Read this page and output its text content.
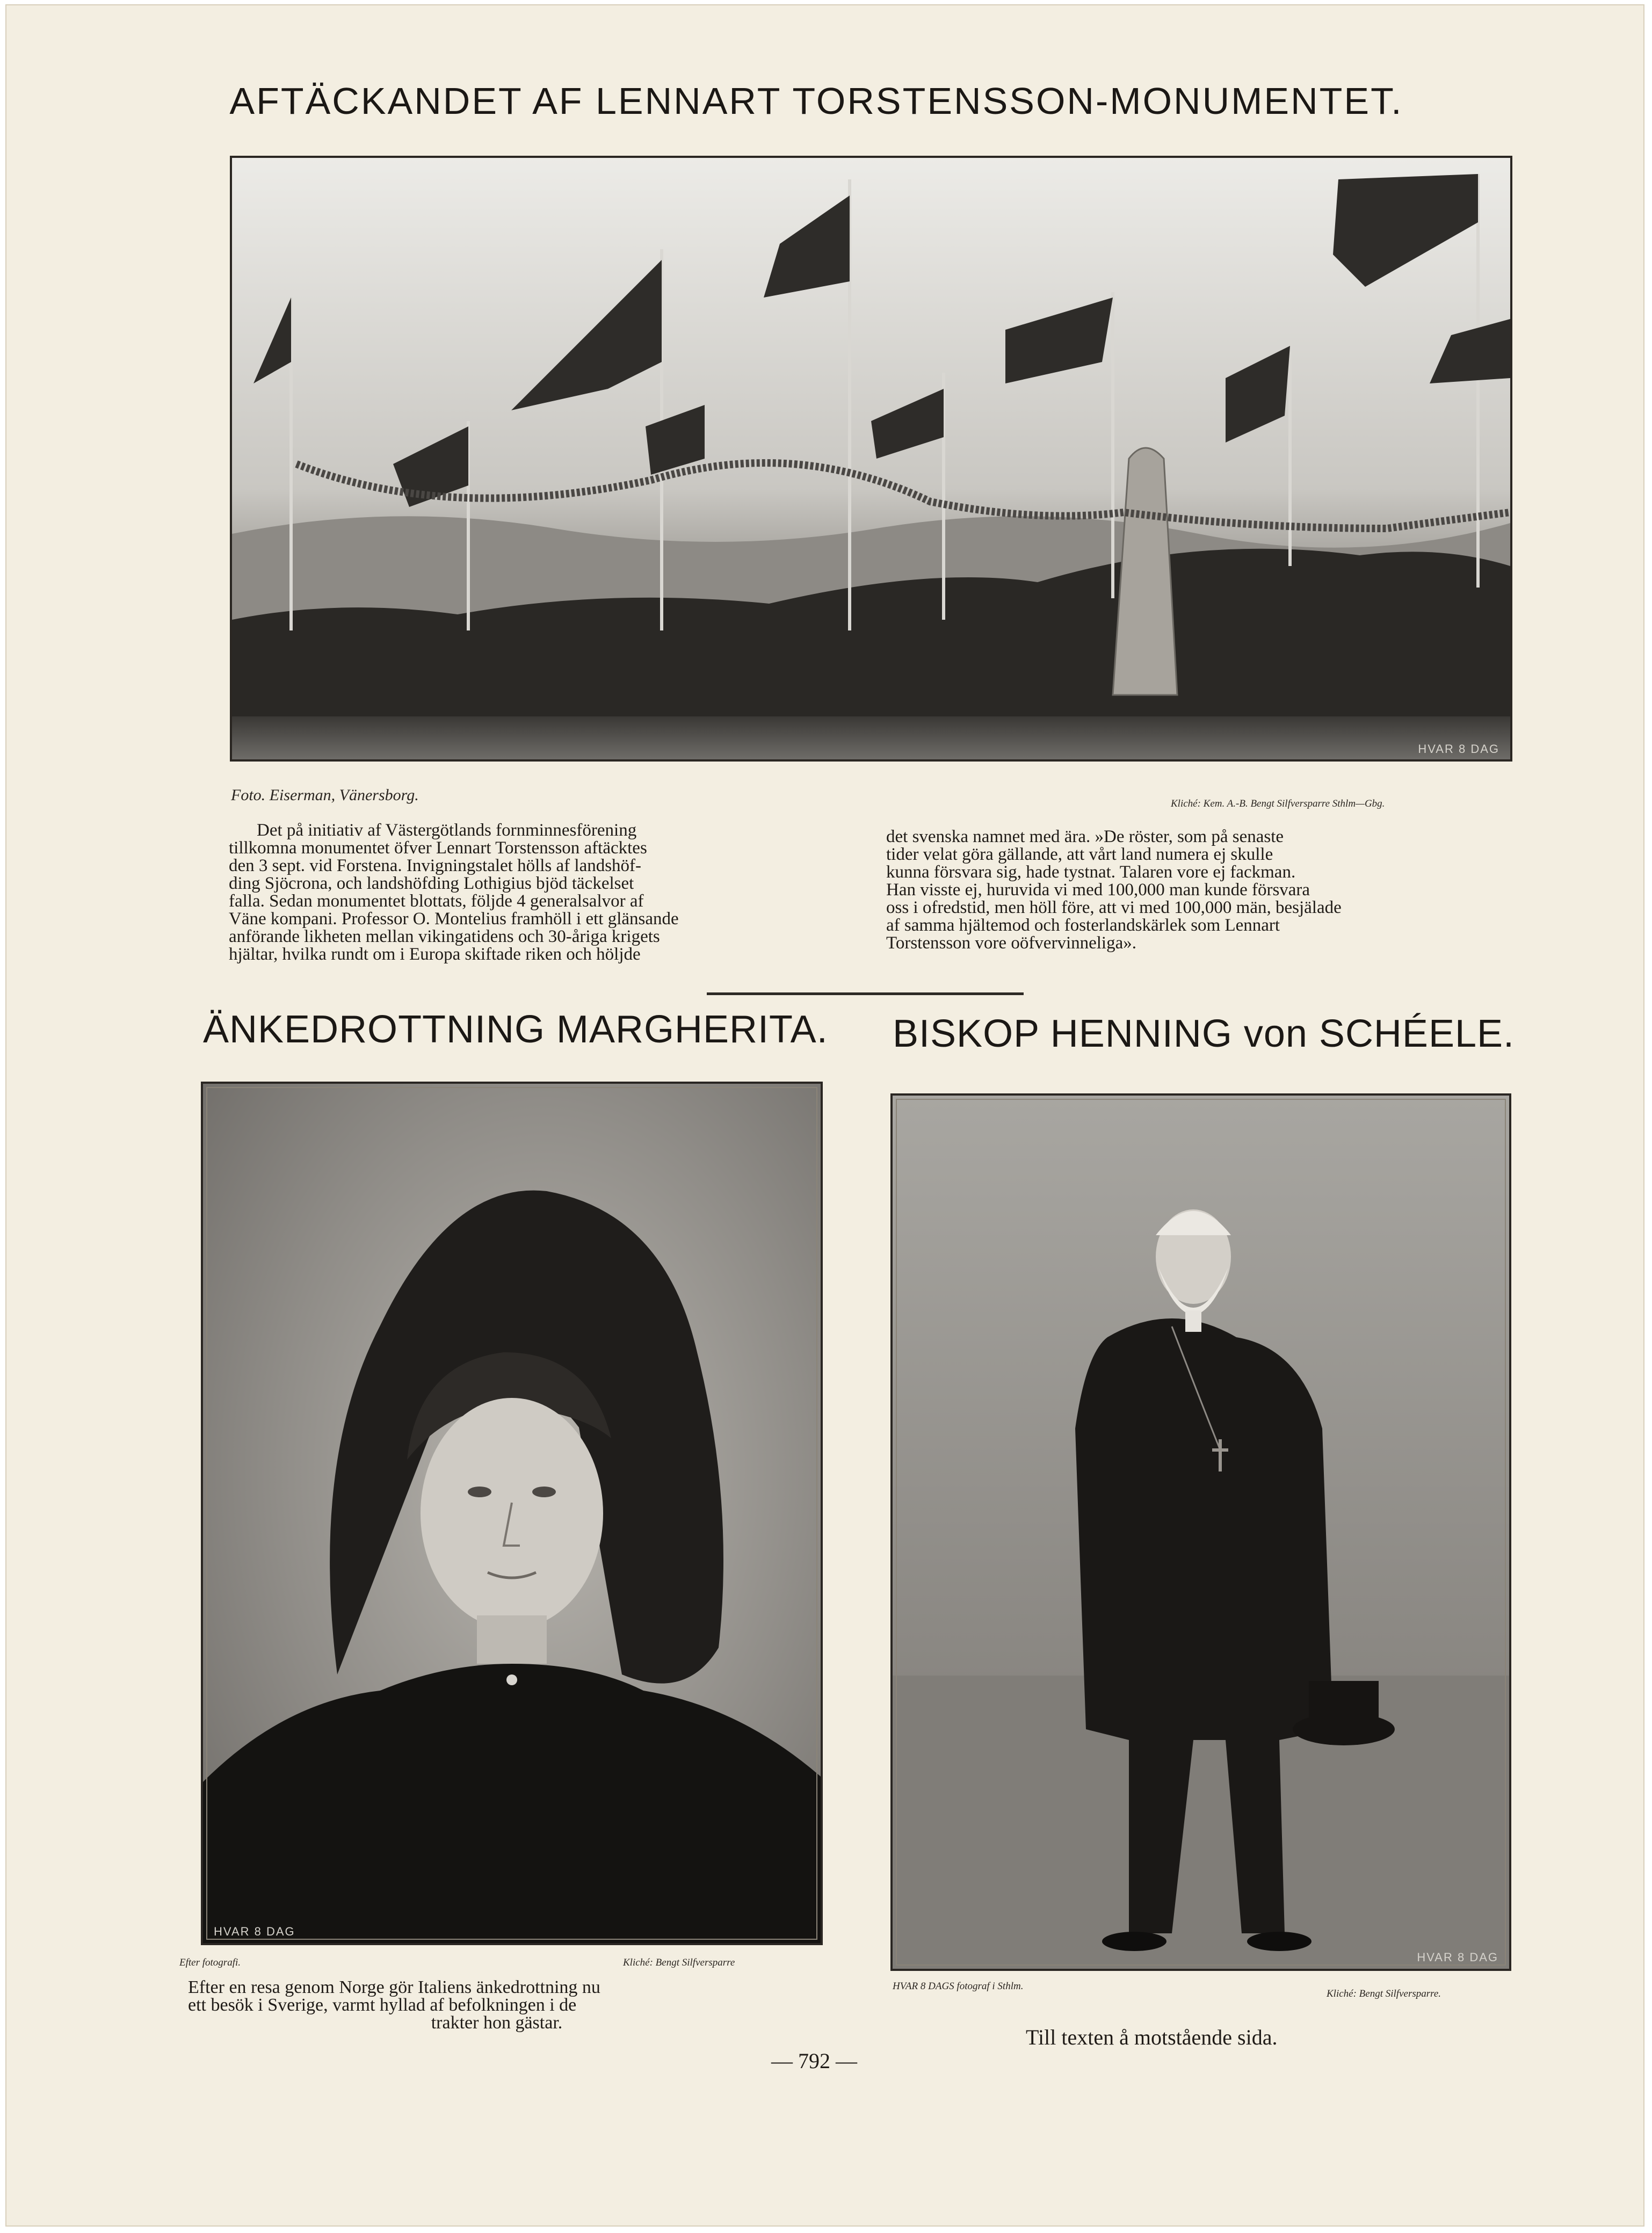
AFTÄCKANDET AF LENNART TORSTENSSON-MONUMENTET.
HVAR 8 DAG
Foto. Eiserman, Vänersborg.	Kliché: Kem. A.-B. Bengt Silfversparre Sthlm—Gbg.
Det på initiativ af Västergötlands fornminnesförening
tillkomna monumentet öfver Lennart Torstensson aftäcktes
den 3 sept. vid Forstena. Invigningstalet hölls af landshöf-
ding Sjöcrona, och landshöfding Lothigius bjöd täckelset
falla. Sedan monumentet blottats, följde 4 generalsalvor af
Väne kompani. Professor O. Montelius framhöll i ett glänsande
anförande likheten mellan vikingatidens och 30-åriga krigets
hjältar, hvilka rundt om i Europa skiftade riken och höljde
det svenska namnet med ära. »De röster, som på senaste
tider velat göra gällande, att vårt land numera ej skulle
kunna försvara sig, hade tystnat. Talaren vore ej fackman.
Han visste ej, huruvida vi med 100,000 man kunde försvara
oss i ofredstid, men höll före, att vi med 100,000 män, besjälade
af samma hjältemod och fosterlandskärlek som Lennart
Torstensson vore oöfvervinneliga».
ÄNKEDROTTNING MARGHERITA. BISKOP HENNING von SCHÉELE.
HVAR 8 DAG
Efter fotografi.	Kliché: Bengt Silfversparre
Efter en resa genom Norge gör Italiens änkedrottning nu
ett besök i Sverige, varmt hyllad af befolkningen i de
trakter hon gästar.
HVAR 8 DAG
HVAR 8 DAGS fotograf i Sthlm.
Kliché: Bengt Silfversparre.
Till texten å motstående sida.
— 792 —
